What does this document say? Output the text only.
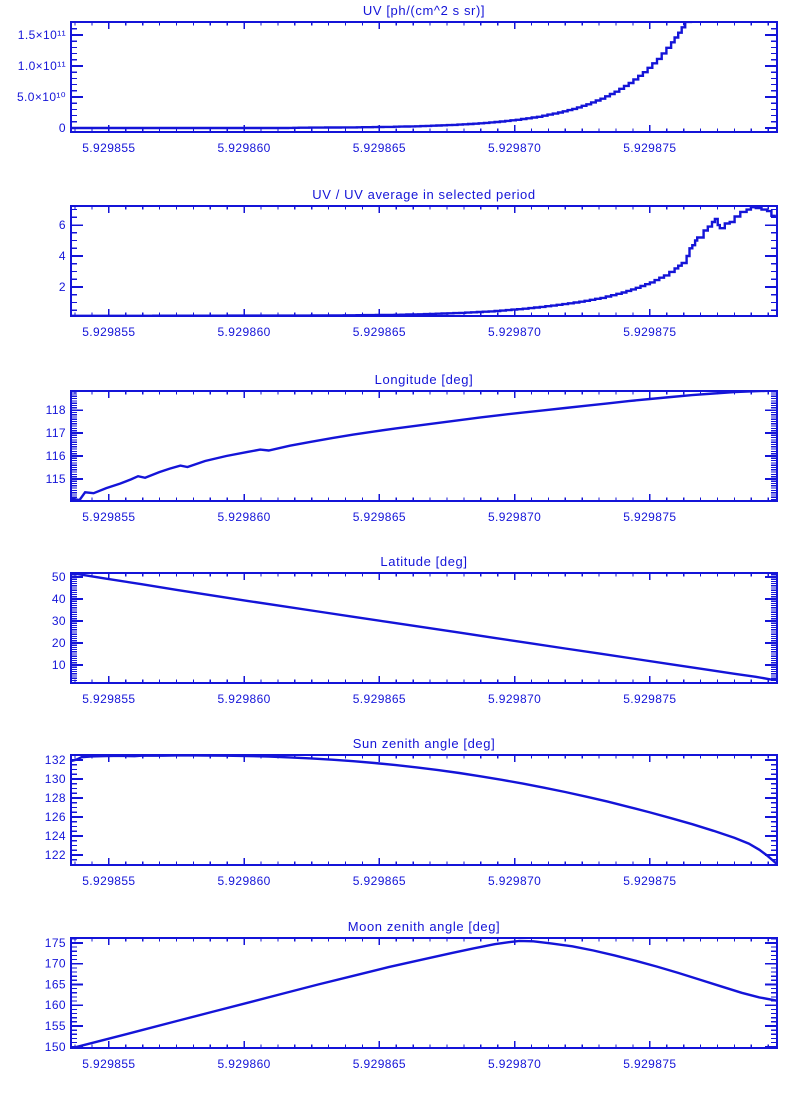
UV [ph/(cm^2 s sr)]
UV / UV average in selected period
Longitude [deg]
Latitude [deg]
Sun zenith angle [deg]
Moon zenith angle [deg]
5.929855	5.929860	5.929865	5.929870	5.929875
0
5.0×10¹⁰
1.0×10¹¹
1.5×10¹¹
5.929855	5.929860	5.929865	5.929870	5.929875
2
4
6
5.929855	5.929860	5.929865	5.929870	5.929875
115
116
117
118
5.929855	5.929860	5.929865	5.929870	5.929875
10
20
30
40
50
5.929855	5.929860	5.929865	5.929870	5.929875
122
124
126
128
130
132
5.929855	5.929860	5.929865	5.929870	5.929875
150
155
160
165
170
175
